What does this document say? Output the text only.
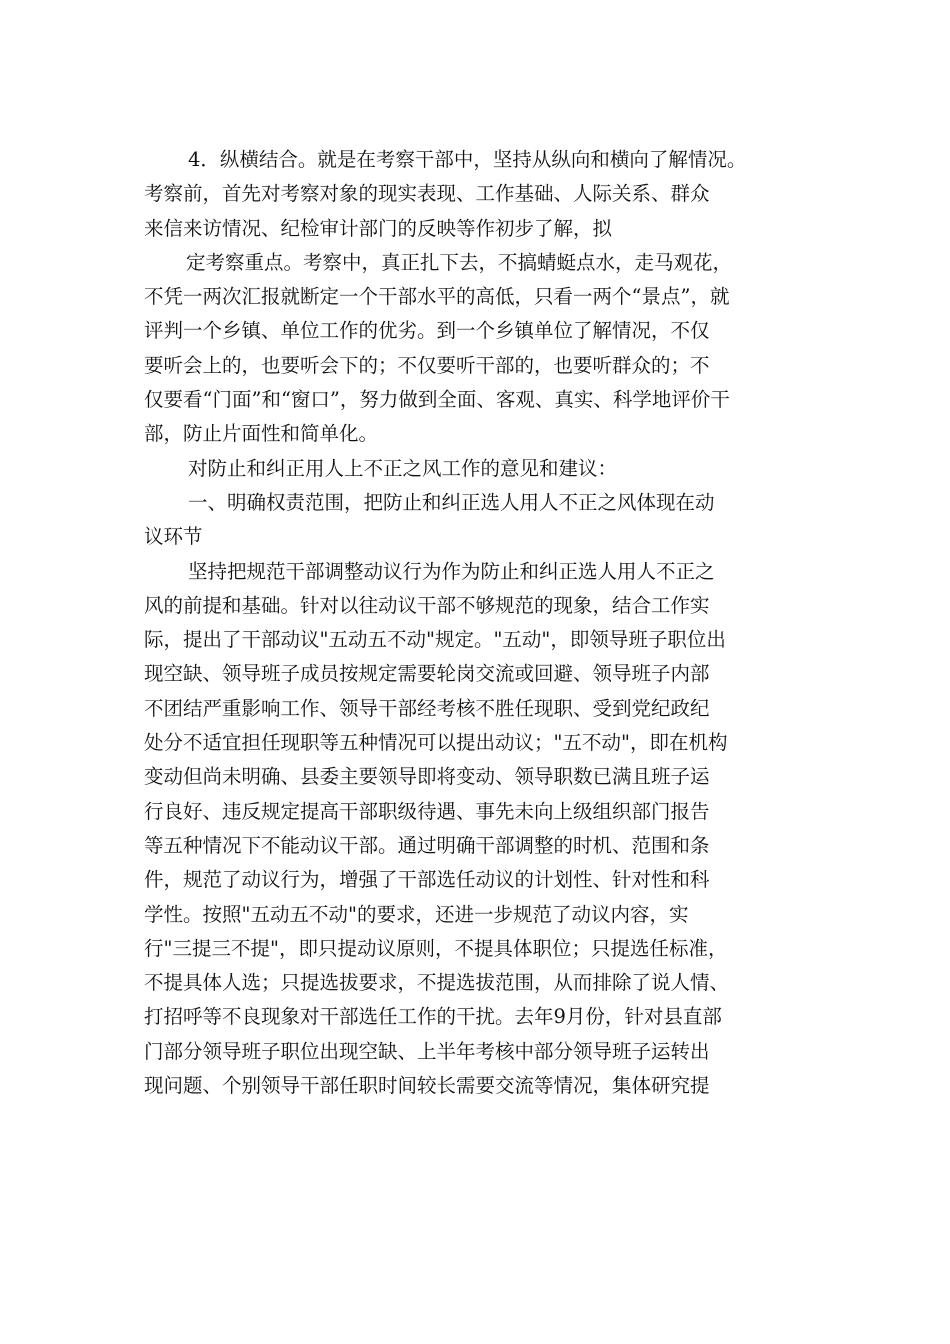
4．纵横结合。就是在考察干部中，坚持从纵向和横向了解情况。
考察前，首先对考察对象的现实表现、工作基础、人际关系、群众
来信来访情况、纪检审计部门的反映等作初步了解，拟
定考察重点。考察中，真正扎下去，不搞蜻蜓点水，走马观花，
不凭一两次汇报就断定一个干部水平的高低，只看一两个“景点”，就
评判一个乡镇、单位工作的优劣。到一个乡镇单位了解情况，不仅
要听会上的，也要听会下的；不仅要听干部的，也要听群众的；不
仅要看“门面”和“窗口”，努力做到全面、客观、真实、科学地评价干
部，防止片面性和简单化。
对防止和纠正用人上不正之风工作的意见和建议：
一、明确权责范围，把防止和纠正选人用人不正之风体现在动
议环节
坚持把规范干部调整动议行为作为防止和纠正选人用人不正之
风的前提和基础。针对以往动议干部不够规范的现象，结合工作实
际，提出了干部动议"五动五不动"规定。"五动"，即领导班子职位出
现空缺、领导班子成员按规定需要轮岗交流或回避、领导班子内部
不团结严重影响工作、领导干部经考核不胜任现职、受到党纪政纪
处分不适宜担任现职等五种情况可以提出动议；"五不动"，即在机构
变动但尚未明确、县委主要领导即将变动、领导职数已满且班子运
行良好、违反规定提高干部职级待遇、事先未向上级组织部门报告
等五种情况下不能动议干部。通过明确干部调整的时机、范围和条
件，规范了动议行为，增强了干部选任动议的计划性、针对性和科
学性。按照"五动五不动"的要求，还进一步规范了动议内容，实
行"三提三不提"，即只提动议原则，不提具体职位；只提选任标准，
不提具体人选；只提选拔要求，不提选拔范围，从而排除了说人情、
打招呼等不良现象对干部选任工作的干扰。去年9月份，针对县直部
门部分领导班子职位出现空缺、上半年考核中部分领导班子运转出
现问题、个别领导干部任职时间较长需要交流等情况，集体研究提
